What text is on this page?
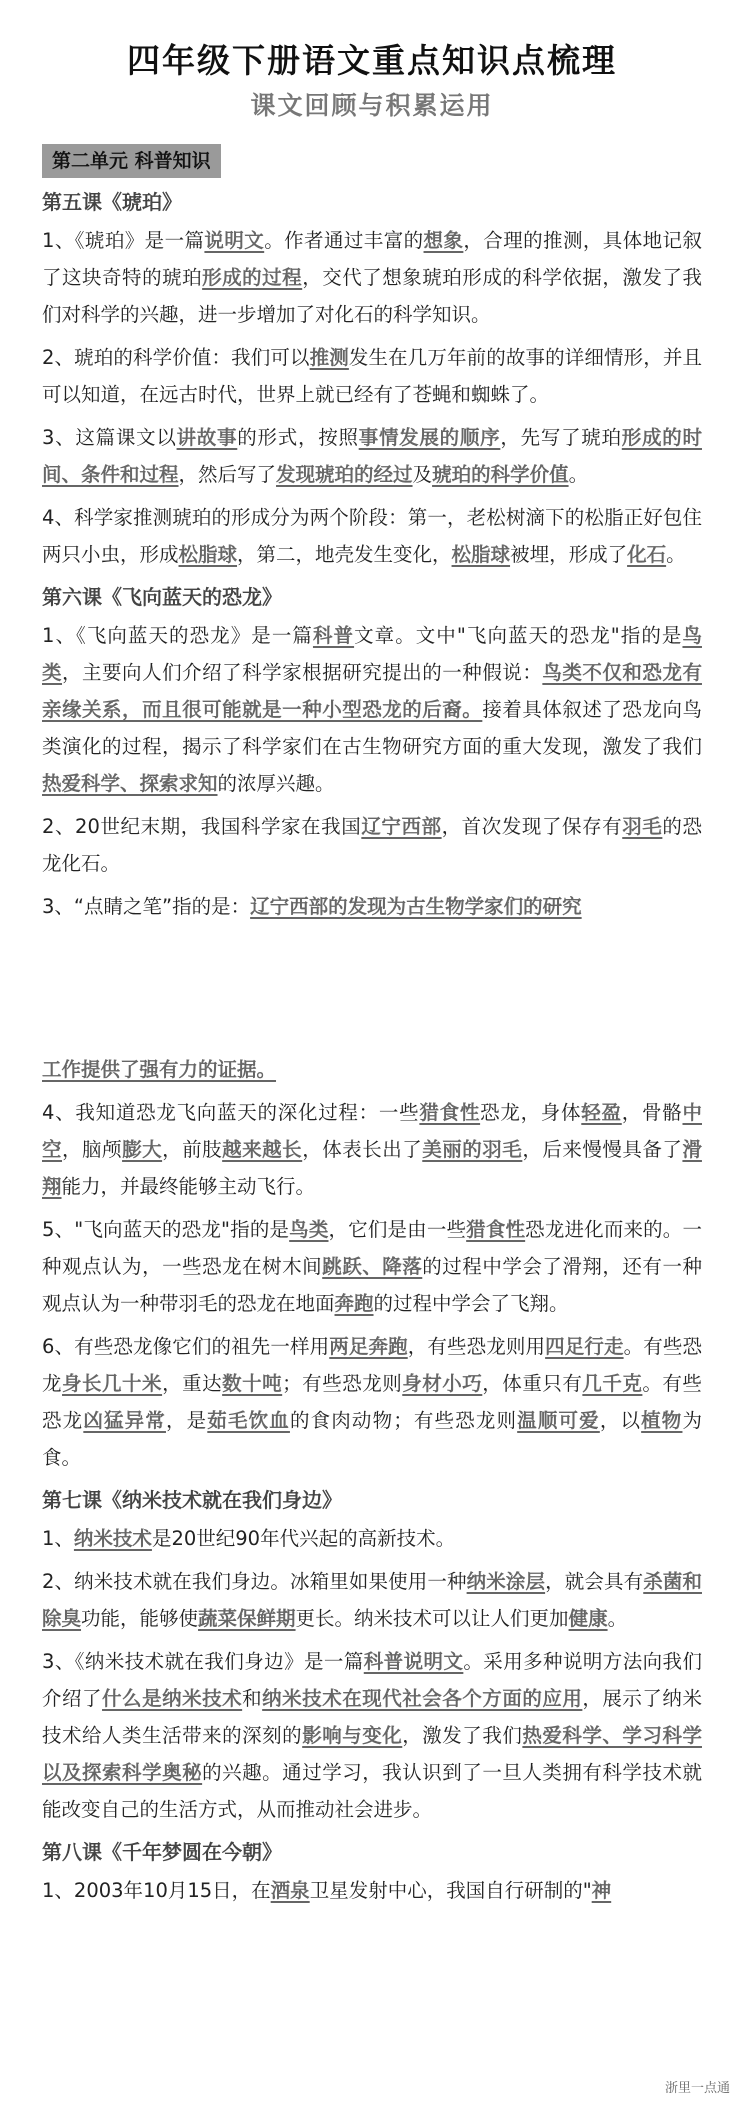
四年级下册语文重点知识点梳理
课文回顾与积累运用
第二单元 科普知识
第五课《琥珀》

1、《琥珀》是一篇说明文。作者通过丰富的想象，合理的推测，具体地记叙了这块奇特的琥珀形成的过程，交代了想象琥珀形成的科学依据，激发了我们对科学的兴趣，进一步增加了对化石的科学知识。

2、琥珀的科学价值：我们可以推测发生在几万年前的故事的详细情形，并且可以知道，在远古时代，世界上就已经有了苍蝇和蜘蛛了。

3、这篇课文以讲故事的形式，按照事情发展的顺序，先写了琥珀形成的时间、条件和过程，然后写了发现琥珀的经过及琥珀的科学价值。

4、科学家推测琥珀的形成分为两个阶段：第一，老松树滴下的松脂正好包住两只小虫，形成松脂球，第二，地壳发生变化，松脂球被埋，形成了化石。

第六课《飞向蓝天的恐龙》

1、《飞向蓝天的恐龙》是一篇科普文章。文中"飞向蓝天的恐龙"指的是鸟类，主要向人们介绍了科学家根据研究提出的一种假说：鸟类不仅和恐龙有亲缘关系，而且很可能就是一种小型恐龙的后裔。接着具体叙述了恐龙向鸟类演化的过程，揭示了科学家们在古生物研究方面的重大发现，激发了我们热爱科学、探索求知的浓厚兴趣。

2、20世纪末期，我国科学家在我国辽宁西部，首次发现了保存有羽毛的恐龙化石。

3、“点睛之笔”指的是：辽宁西部的发现为古生物学家们的研究

工作提供了强有力的证据。

4、我知道恐龙飞向蓝天的深化过程：一些猎食性恐龙，身体轻盈，骨骼中空，脑颅膨大，前肢越来越长，体表长出了美丽的羽毛，后来慢慢具备了滑翔能力，并最终能够主动飞行。

5、"飞向蓝天的恐龙"指的是鸟类，它们是由一些猎食性恐龙进化而来的。一种观点认为，一些恐龙在树木间跳跃、降落的过程中学会了滑翔，还有一种观点认为一种带羽毛的恐龙在地面奔跑的过程中学会了飞翔。

6、有些恐龙像它们的祖先一样用两足奔跑，有些恐龙则用四足行走。有些恐龙身长几十米，重达数十吨；有些恐龙则身材小巧，体重只有几千克。有些恐龙凶猛异常，是茹毛饮血的食肉动物；有些恐龙则温顺可爱，以植物为食。

第七课《纳米技术就在我们身边》

1、纳米技术是20世纪90年代兴起的高新技术。

2、纳米技术就在我们身边。冰箱里如果使用一种纳米涂层，就会具有杀菌和除臭功能，能够使蔬菜保鲜期更长。纳米技术可以让人们更加健康。

3、《纳米技术就在我们身边》是一篇科普说明文。采用多种说明方法向我们介绍了什么是纳米技术和纳米技术在现代社会各个方面的应用，展示了纳米技术给人类生活带来的深刻的影响与变化，激发了我们热爱科学、学习科学以及探索科学奥秘的兴趣。通过学习，我认识到了一旦人类拥有科学技术就能改变自己的生活方式，从而推动社会进步。

第八课《千年梦圆在今朝》

1、2003年10月15日，在酒泉卫星发射中心，我国自行研制的"神

浙里一点通
